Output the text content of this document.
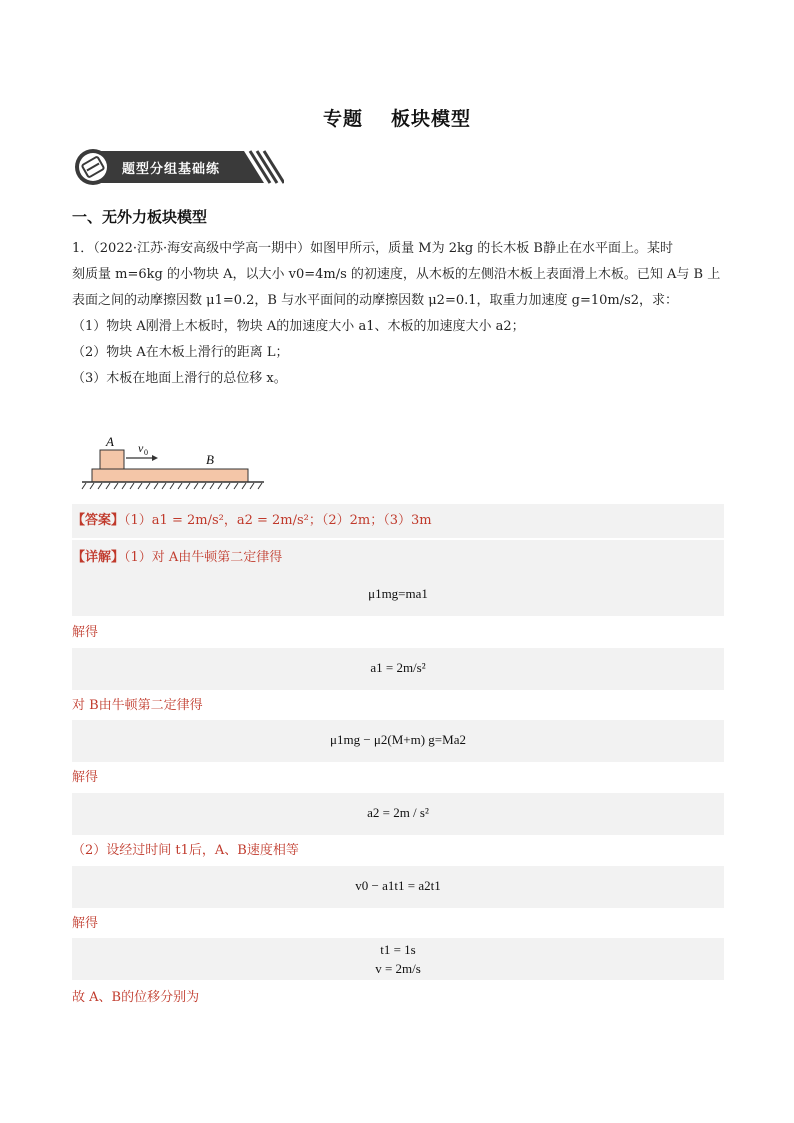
专题 板块模型
题型分组基础练
一、无外力板块模型
1．（2022·江苏·海安高级中学高一期中）如图甲所示，质量 M为 2kg 的长木板 B静止在水平面上。某时
刻质量 m=6kg 的小物块 A，以大小 v0=4m/s 的初速度，从木板的左侧沿木板上表面滑上木板。已知 A与 B 上
表面之间的动摩擦因数 μ1=0.2，B 与水平面间的动摩擦因数 μ2=0.1，取重力加速度 g=10m/s2，求：
（1）物块 A刚滑上木板时，物块 A的加速度大小 a1、木板的加速度大小 a2；
（2）物块 A在木板上滑行的距离 L；
（3）木板在地面上滑行的总位移 x。
A v 0	B
【答案】（1）a1 = 2m/s²，a2 = 2m/s²；（2）2m；（3）3m
【详解】（1）对 A由牛顿第二定律得
μ1mg=ma1
解得
a1 = 2m/s²
对 B由牛顿第二定律得
μ1mg − μ2(M+m) g=Ma2
解得
a2 = 2m / s²
（2）设经过时间 t1后，A、B速度相等
v0 − a1t1 = a2t1
解得
t1 = 1s
v = 2m/s
故 A、B的位移分别为
